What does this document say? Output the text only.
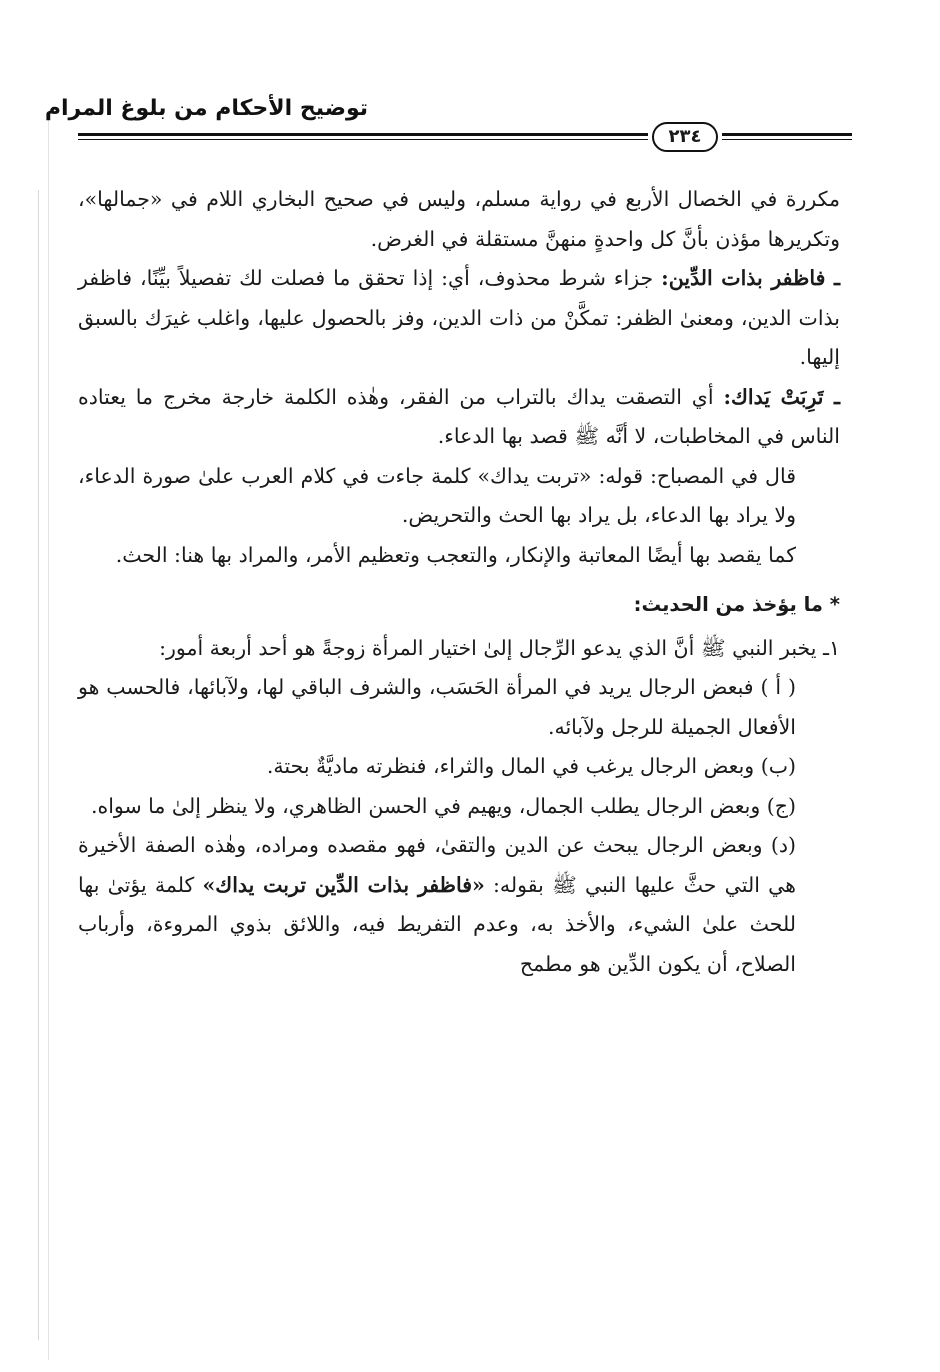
توضيح الأحكام من بلوغ المرام
٢٣٤

مكررة في الخصال الأربع في رواية مسلم، وليس في صحيح البخاري اللام في «جمالها»، وتكريرها مؤذن بأنَّ كل واحدةٍ منهنَّ مستقلة في الغرض.

ـ فاظفر بذات الدِّين: جزاء شرط محذوف، أي: إذا تحقق ما فصلت لك تفصيلاً بيِّنًا، فاظفر بذات الدين، ومعنىٰ الظفر: تمكَّنْ من ذات الدين، وفز بالحصول عليها، واغلب غيرَك بالسبق إليها.

ـ تَرِبَتْ يَداك: أي التصقت يداك بالتراب من الفقر، وهٰذه الكلمة خارجة مخرج ما يعتاده الناس في المخاطبات، لا أنَّه ﷺ قصد بها الدعاء.

قال في المصباح: قوله: «تربت يداك» كلمة جاءت في كلام العرب علىٰ صورة الدعاء، ولا يراد بها الدعاء، بل يراد بها الحث والتحريض.

كما يقصد بها أيضًا المعاتبة والإنكار، والتعجب وتعظيم الأمر، والمراد بها هنا: الحث.

* ما يؤخذ من الحديث:

١ـ يخبر النبي ﷺ أنَّ الذي يدعو الرِّجال إلىٰ اختيار المرأة زوجةً هو أحد أربعة أمور:

( أ ) فبعض الرجال يريد في المرأة الحَسَب، والشرف الباقي لها، ولآبائها، فالحسب هو الأفعال الجميلة للرجل ولآبائه.

(ب) وبعض الرجال يرغب في المال والثراء، فنظرته ماديَّةٌ بحتة.

(ج) وبعض الرجال يطلب الجمال، ويهيم في الحسن الظاهري، ولا ينظر إلىٰ ما سواه.

(د) وبعض الرجال يبحث عن الدين والتقىٰ، فهو مقصده ومراده، وهٰذه الصفة الأخيرة هي التي حثَّ عليها النبي ﷺ بقوله: «فاظفر بذات الدِّين تربت يداك» كلمة يؤتىٰ بها للحث علىٰ الشيء، والأخذ به، وعدم التفريط فيه، واللائق بذوي المروءة، وأرباب الصلاح، أن يكون الدِّين هو مطمح
